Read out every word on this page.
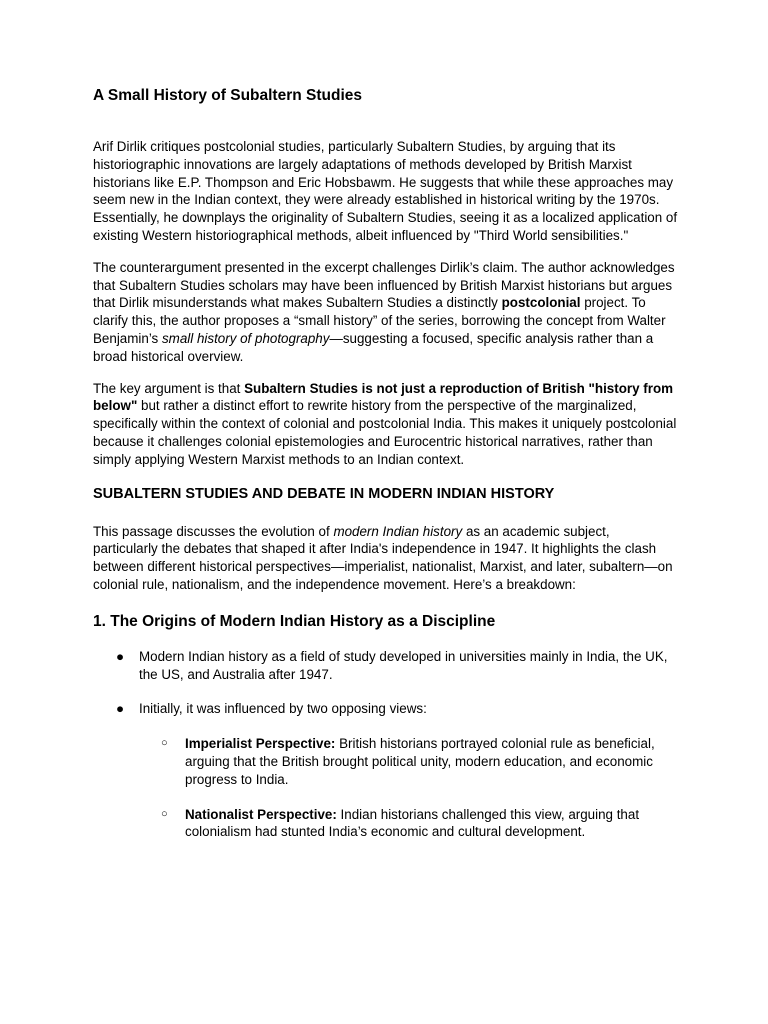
A Small History of Subaltern Studies

Arif Dirlik critiques postcolonial studies, particularly Subaltern Studies, by arguing that its historiographic innovations are largely adaptations of methods developed by British Marxist historians like E.P. Thompson and Eric Hobsbawm. He suggests that while these approaches may seem new in the Indian context, they were already established in historical writing by the 1970s. Essentially, he downplays the originality of Subaltern Studies, seeing it as a localized application of existing Western historiographical methods, albeit influenced by "Third World sensibilities."

The counterargument presented in the excerpt challenges Dirlik’s claim. The author acknowledges that Subaltern Studies scholars may have been influenced by British Marxist historians but argues that Dirlik misunderstands what makes Subaltern Studies a distinctly postcolonial project. To clarify this, the author proposes a “small history” of the series, borrowing the concept from Walter Benjamin’s small history of photography—suggesting a focused, specific analysis rather than a broad historical overview.

The key argument is that Subaltern Studies is not just a reproduction of British "history from below" but rather a distinct effort to rewrite history from the perspective of the marginalized, specifically within the context of colonial and postcolonial India. This makes it uniquely postcolonial because it challenges colonial epistemologies and Eurocentric historical narratives, rather than simply applying Western Marxist methods to an Indian context.

SUBALTERN STUDIES AND DEBATE IN MODERN INDIAN HISTORY

This passage discusses the evolution of modern Indian history as an academic subject, particularly the debates that shaped it after India's independence in 1947. It highlights the clash between different historical perspectives—imperialist, nationalist, Marxist, and later, subaltern—on colonial rule, nationalism, and the independence movement. Here’s a breakdown:

1. The Origins of Modern Indian History as a Discipline
● Modern Indian history as a field of study developed in universities mainly in India, the UK, the US, and Australia after 1947.
● Initially, it was influenced by two opposing views:
○ Imperialist Perspective: British historians portrayed colonial rule as beneficial, arguing that the British brought political unity, modern education, and economic progress to India.
○ Nationalist Perspective: Indian historians challenged this view, arguing that colonialism had stunted India’s economic and cultural development.
